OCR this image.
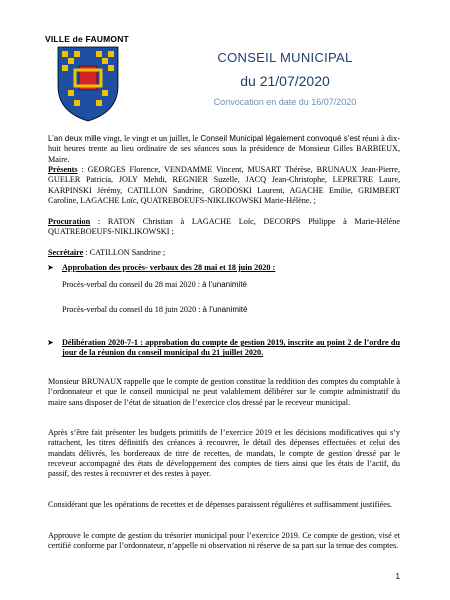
VILLE de FAUMONT
CONSEIL MUNICIPAL
du 21/07/2020
Convocation en date du 16/07/2020
L’an deux mille vingt, le vingt et un juillet, le Conseil Municipal légalement convoqué s’est réuni à dix-huit heures trente au lieu ordinaire de ses séances sous la présidence de Monsieur Gilles BARBIEUX, Maire.
Présents : GEORGES Florence, VENDAMME Vincent, MUSART Thérèse, BRUNAUX Jean-Pierre, GUELER Patricia, JOLY Mehdi, REGNIER Suzelle, JACQ Jean-Christophe, LEPRETRE Laure, KARPINSKI Jérémy, CATILLON Sandrine, GRODOSKI Laurent, AGACHE Emilie, GRIMBERT Caroline, LAGACHE Loïc, QUATREBOEUFS-NIKLIKOWSKI Marie-Hélène. ;
Procuration : RATON Christian à LAGACHE Loïc, DECORPS Philippe à Marie-Hélène QUATREBOEUFS-NIKLIKOWSKI ;
Secrétaire : CATILLON Sandrine ;
➤ Approbation des procès- verbaux des 28 mai et 18 juin 2020 :
Procès-verbal du conseil du 28 mai 2020 : à l’unanimité
Procès-verbal du conseil du 18 juin 2020 : à l’unanimité
➤ Délibération 2020-7-1 : approbation du compte de gestion 2019, inscrite au point 2 de l’ordre du jour de la réunion du conseil municipal du 21 juillet 2020.
Monsieur BRUNAUX rappelle que le compte de gestion constitue la reddition des comptes du comptable à l’ordonnateur et que le conseil municipal ne peut valablement délibérer sur le compte administratif du maire sans disposer de l’état de situation de l’exercice clos dressé par le receveur municipal.
Après s’être fait présenter les budgets primitifs de l’exercice 2019 et les décisions modificatives qui s’y rattachent, les titres définitifs des créances à recouvrer, le détail des dépenses effectuées et celui des mandats délivrés, les bordereaux de titre de recettes, de mandats, le compte de gestion dressé par le receveur accompagné des états de développement des comptes de tiers ainsi que les états de l’actif, du passif, des restes à recouvrer et des restes à payer.
Considérant que les opérations de recettes et de dépenses paraissent régulières et suffisamment justifiées.
Approuve le compte de gestion du trésorier municipal pour l’exercice 2019. Ce compte de gestion, visé et certifié conforme par l’ordonnateur, n’appelle ni observation ni réserve de sa part sur la tenue des comptes.
1
